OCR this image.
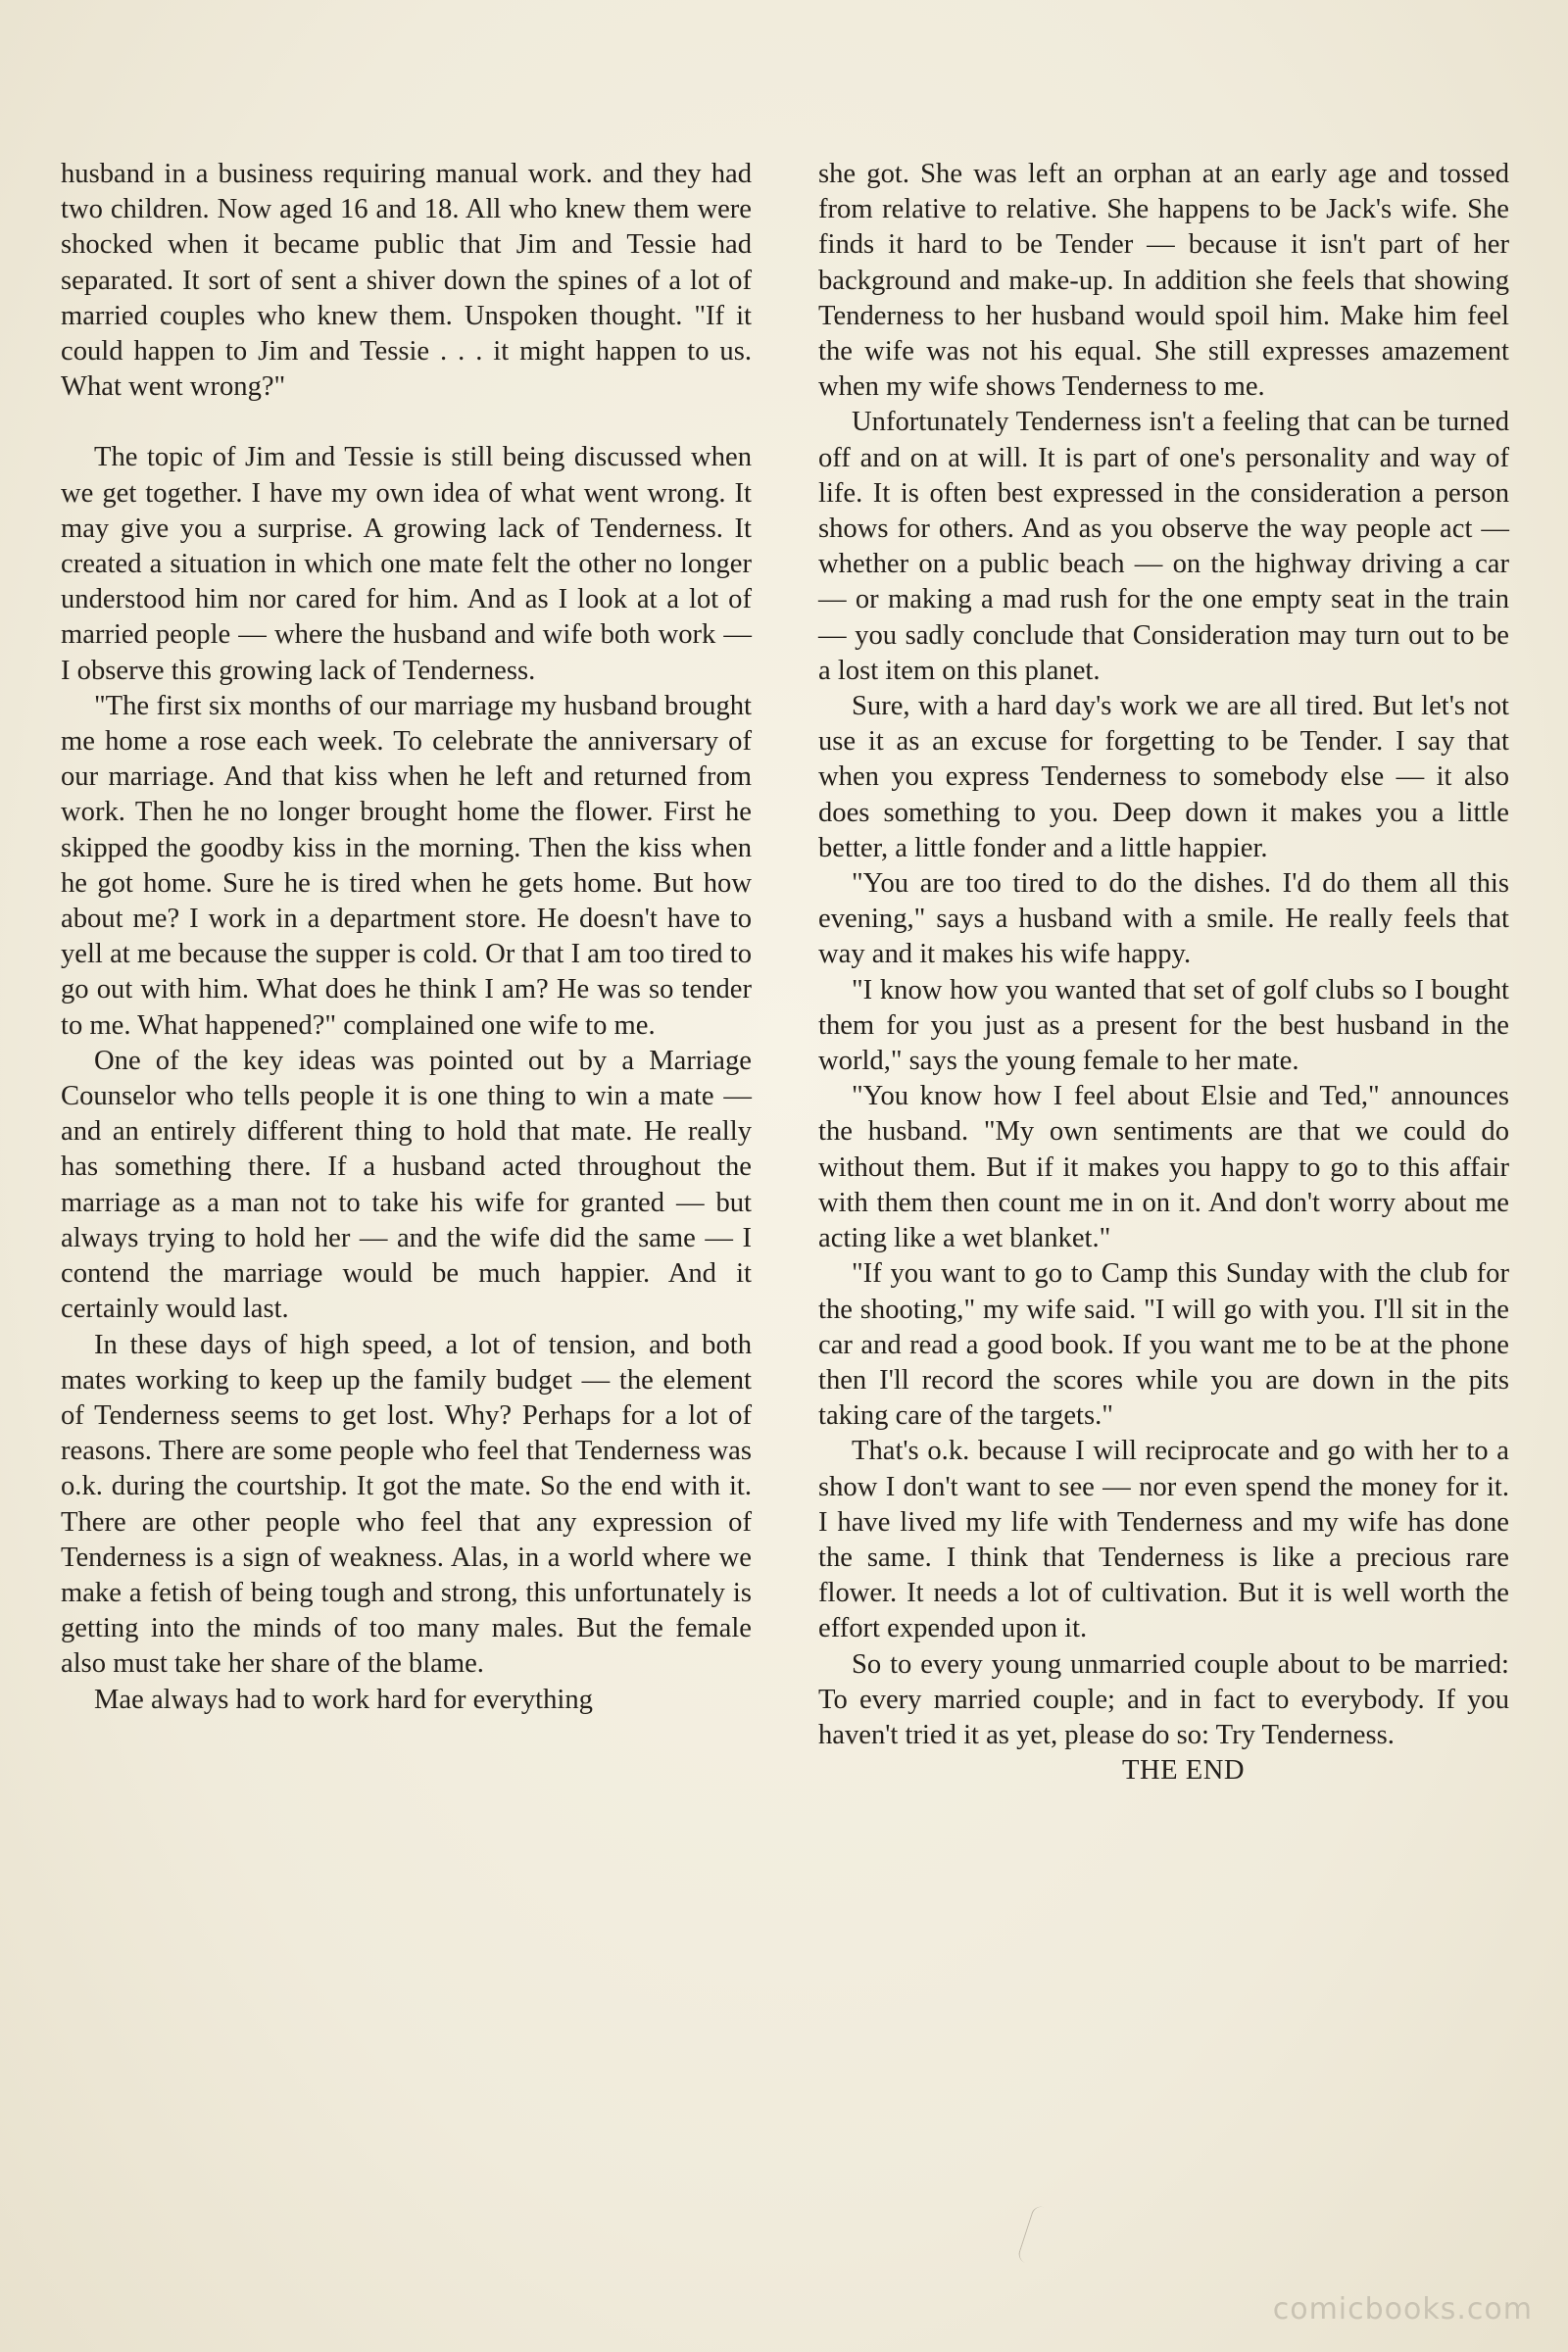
husband in a business requiring manual work. and they had two children. Now aged 16 and 18. All who knew them were shocked when it became public that Jim and Tessie had separated. It sort of sent a shiver down the spines of a lot of married couples who knew them. Unspoken thought. "If it could happen to Jim and Tessie . . . it might happen to us. What went wrong?"

The topic of Jim and Tessie is still being discussed when we get together. I have my own idea of what went wrong. It may give you a surprise. A growing lack of Tenderness. It created a situation in which one mate felt the other no longer understood him nor cared for him. And as I look at a lot of married people — where the husband and wife both work — I observe this growing lack of Tenderness.

"The first six months of our marriage my husband brought me home a rose each week. To celebrate the anniversary of our marriage. And that kiss when he left and returned from work. Then he no longer brought home the flower. First he skipped the goodby kiss in the morning. Then the kiss when he got home. Sure he is tired when he gets home. But how about me? I work in a department store. He doesn't have to yell at me because the supper is cold. Or that I am too tired to go out with him. What does he think I am? He was so tender to me. What happened?" complained one wife to me.

One of the key ideas was pointed out by a Marriage Counselor who tells people it is one thing to win a mate — and an entirely different thing to hold that mate. He really has something there. If a husband acted throughout the marriage as a man not to take his wife for granted — but always trying to hold her — and the wife did the same — I contend the marriage would be much happier. And it certainly would last.

In these days of high speed, a lot of tension, and both mates working to keep up the family budget — the element of Tenderness seems to get lost. Why? Perhaps for a lot of reasons. There are some people who feel that Tenderness was o.k. during the courtship. It got the mate. So the end with it. There are other people who feel that any expression of Tenderness is a sign of weakness. Alas, in a world where we make a fetish of being tough and strong, this unfortunately is getting into the minds of too many males. But the female also must take her share of the blame.

Mae always had to work hard for everything

she got. She was left an orphan at an early age and tossed from relative to relative. She happens to be Jack's wife. She finds it hard to be Tender — because it isn't part of her background and make-up. In addition she feels that showing Tenderness to her husband would spoil him. Make him feel the wife was not his equal. She still expresses amazement when my wife shows Tenderness to me.

Unfortunately Tenderness isn't a feeling that can be turned off and on at will. It is part of one's personality and way of life. It is often best expressed in the consideration a person shows for others. And as you observe the way people act — whether on a public beach — on the highway driving a car — or making a mad rush for the one empty seat in the train — you sadly conclude that Consideration may turn out to be a lost item on this planet.

Sure, with a hard day's work we are all tired. But let's not use it as an excuse for forgetting to be Tender. I say that when you express Tenderness to somebody else — it also does something to you. Deep down it makes you a little better, a little fonder and a little happier.

"You are too tired to do the dishes. I'd do them all this evening," says a husband with a smile. He really feels that way and it makes his wife happy.

"I know how you wanted that set of golf clubs so I bought them for you just as a present for the best husband in the world," says the young female to her mate.

"You know how I feel about Elsie and Ted," announces the husband. "My own sentiments are that we could do without them. But if it makes you happy to go to this affair with them then count me in on it. And don't worry about me acting like a wet blanket."

"If you want to go to Camp this Sunday with the club for the shooting," my wife said. "I will go with you. I'll sit in the car and read a good book. If you want me to be at the phone then I'll record the scores while you are down in the pits taking care of the targets."

That's o.k. because I will reciprocate and go with her to a show I don't want to see — nor even spend the money for it. I have lived my life with Tenderness and my wife has done the same. I think that Tenderness is like a precious rare flower. It needs a lot of cultivation. But it is well worth the effort expended upon it.

So to every young unmarried couple about to be married: To every married couple; and in fact to everybody. If you haven't tried it as yet, please do so: Try Tenderness.

THE END

comicbooks.com
